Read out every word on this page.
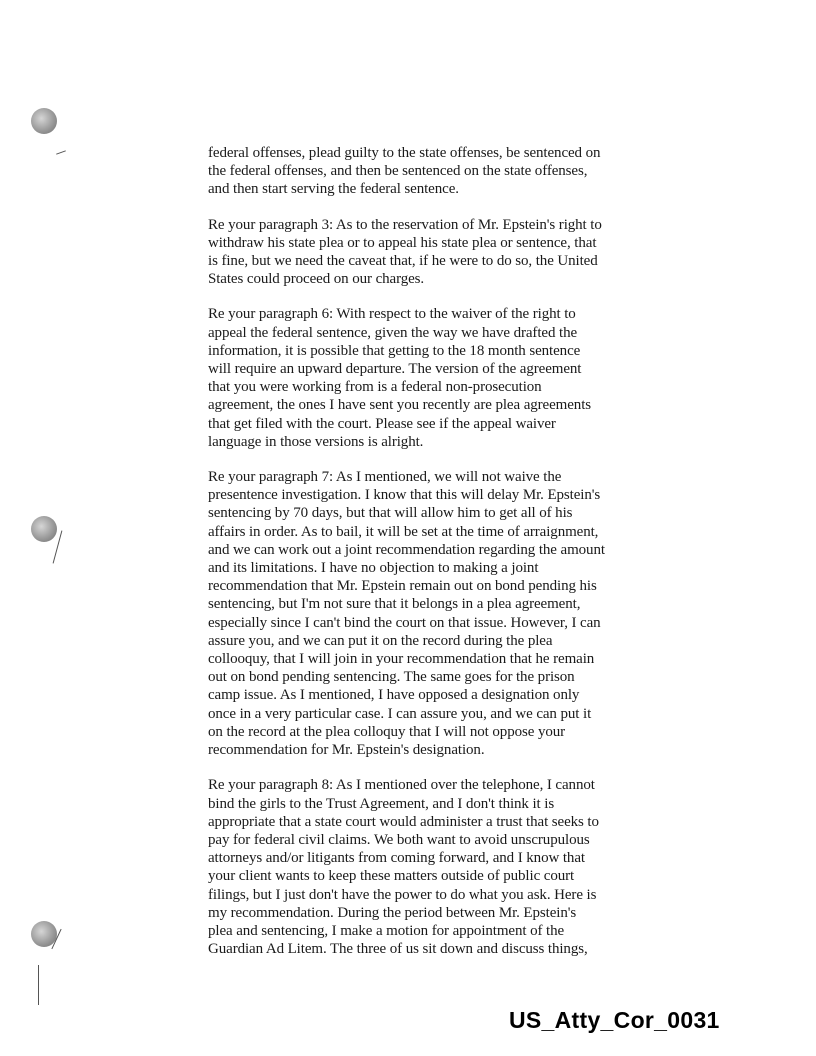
federal offenses, plead guilty to the state offenses, be sentenced on
the federal offenses, and then be sentenced on the state offenses,
and then start serving the federal sentence.
Re your paragraph 3: As to the reservation of Mr. Epstein's right to
withdraw his state plea or to appeal his state plea or sentence, that
is fine, but we need the caveat that, if he were to do so, the United
States could proceed on our charges.
Re your paragraph 6: With respect to the waiver of the right to
appeal the federal sentence, given the way we have drafted the
information, it is possible that getting to the 18 month sentence
will require an upward departure. The version of the agreement
that you were working from is a federal non-prosecution
agreement, the ones I have sent you recently are plea agreements
that get filed with the court. Please see if the appeal waiver
language in those versions is alright.
Re your paragraph 7: As I mentioned, we will not waive the
presentence investigation. I know that this will delay Mr. Epstein's
sentencing by 70 days, but that will allow him to get all of his
affairs in order. As to bail, it will be set at the time of arraignment,
and we can work out a joint recommendation regarding the amount
and its limitations. I have no objection to making a joint
recommendation that Mr. Epstein remain out on bond pending his
sentencing, but I'm not sure that it belongs in a plea agreement,
especially since I can't bind the court on that issue. However, I can
assure you, and we can put it on the record during the plea
collooquy, that I will join in your recommendation that he remain
out on bond pending sentencing. The same goes for the prison
camp issue. As I mentioned, I have opposed a designation only
once in a very particular case. I can assure you, and we can put it
on the record at the plea colloquy that I will not oppose your
recommendation for Mr. Epstein's designation.
Re your paragraph 8: As I mentioned over the telephone, I cannot
bind the girls to the Trust Agreement, and I don't think it is
appropriate that a state court would administer a trust that seeks to
pay for federal civil claims. We both want to avoid unscrupulous
attorneys and/or litigants from coming forward, and I know that
your client wants to keep these matters outside of public court
filings, but I just don't have the power to do what you ask. Here is
my recommendation. During the period between Mr. Epstein's
plea and sentencing, I make a motion for appointment of the
Guardian Ad Litem. The three of us sit down and discuss things,
US_Atty_Cor_0031
